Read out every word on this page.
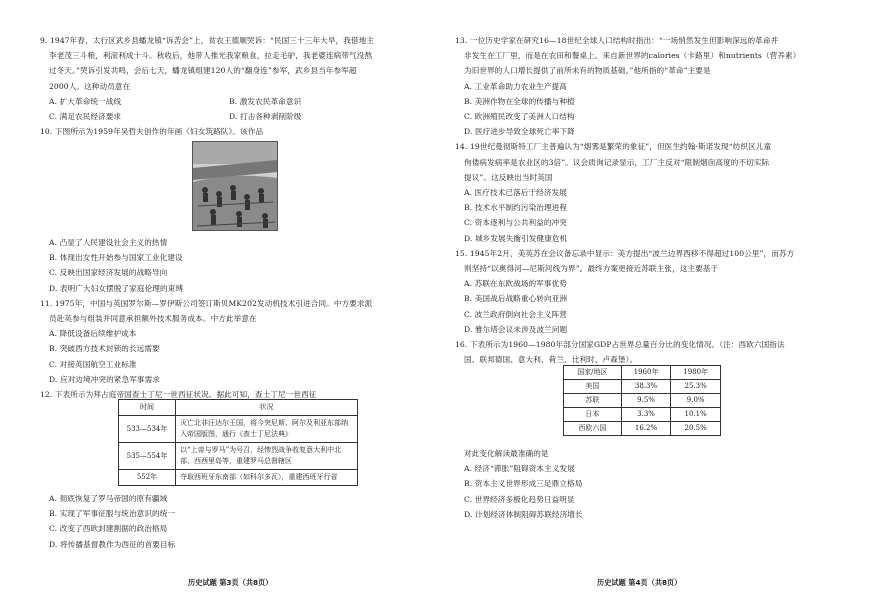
9. 1947年春，太行区武乡县蟠龙镇“诉苦会”上，贫农王德顺哭诉：“民国三十三年大旱，我借地主
李老茂三斗粮，利滚利成十斗。秋收后，他带人推光我家粮食，拉走毛驴，我老婆连病带气没熬
过冬天。”哭诉引发共鸣，会后七天，蟠龙镇组建120人的“翻身连”参军，武乡县当年参军超
2000人。这种动员意在
A. 扩大革命统一战线	B. 激发农民革命意识
C. 满足农民经济要求	D. 打击各种剥削阶级
10. 下图所示为1959年吴哲夫创作的年画《妇女筑路队》。该作品
A. 凸显了人民建设社会主义的热情
B. 体现出女性开始参与国家工业化建设
C. 反映出国家经济发展的战略导向
D. 表明广大妇女摆脱了家庭伦理的束缚
11. 1975年，中国与英国罗尔斯—罗伊斯公司签订斯贝MK202发动机技术引进合同。中方要求派
员赴英参与组装并同意承担额外技术服务成本。中方此举意在
A. 降低设备后续维护成本
B. 突破西方技术封锁的长远需要
C. 对接英国航空工业标准
D. 应对边境冲突的紧急军事需求
12. 下表所示为拜占庭帝国查士丁尼一世西征状况。据此可知，查士丁尼一世西征
时间	状况
533—534年	灭亡北非汪达尔王国，将今突尼斯、阿尔及利亚东部纳入帝国版图，通行《查士丁尼法典》
535—554年	以“上帝与罗马”为号召，经惨烈战争收复意大利中北部、西西里岛等，重建罗马总督辖区
552年	夺取西班牙东南部（如科尔多瓦），重建西班牙行省
A. 彻底恢复了罗马帝国的原有疆域
B. 实现了军事征服与统治意识的统一
C. 改变了西欧封建割据的政治格局
D. 将传播基督教作为西征的首要目标
历史试题 第3页（共8页）
13. 一位历史学家在研究16—18世纪全球人口结构时指出：“一场悄然发生但影响深远的革命并
非发生在工厂里，而是在农田和餐桌上。来自新世界的calories（卡路里）和nutrients（营养素）
为旧世界的人口增长提供了前所未有的物质基础。”他所指的“革命”主要是
A. 工业革命助力农业生产提高
B. 美洲作物在全球的传播与种植
C. 欧洲殖民改变了美洲人口结构
D. 医疗进步导致全球死亡率下降
14. 19世纪曼彻斯特工厂主普遍认为“烟雾是繁荣的象征”，但医生约翰·斯诺发现“纺织区儿童
佝偻病发病率是农业区的3倍”。议会质询记录显示，工厂主反对“限制烟囱高度的不切实际
提议”。这反映出当时英国
A. 医疗技术已落后于经济发展
B. 技术水平制约污染治理进程
C. 资本逐利与公共利益的冲突
D. 城乡发展失衡引发健康危机
15. 1945年2月，美英苏在会议备忘录中显示：美方提出“波兰边界西移不得超过100公里”，而苏方
则坚持“以奥得河—尼斯河线为界”。最终方案更接近苏联主张，这主要基于
A. 苏联在东欧战场的军事优势
B. 美国战后战略重心转向亚洲
C. 波兰政府倒向社会主义阵营
D. 雅尔塔会议未涉及波兰问题
16. 下表所示为1960—1980年部分国家GDP占世界总量百分比的变化情况。（注：西欧六国指法
国、联邦德国、意大利、荷兰、比利时、卢森堡）。
国家/地区	1960年	1980年
美国	38.3%	25.3%
苏联	9.5%	9.0%
日本	3.3%	10.1%
西欧六国	16.2%	20.5%
对此变化解读最准确的是
A. 经济“滞胀”阻碍资本主义发展
B. 资本主义世界形成三足鼎立格局
C. 世界经济多极化趋势日益明显
D. 计划经济体制阻碍苏联经济增长
历史试题 第4页（共8页）
